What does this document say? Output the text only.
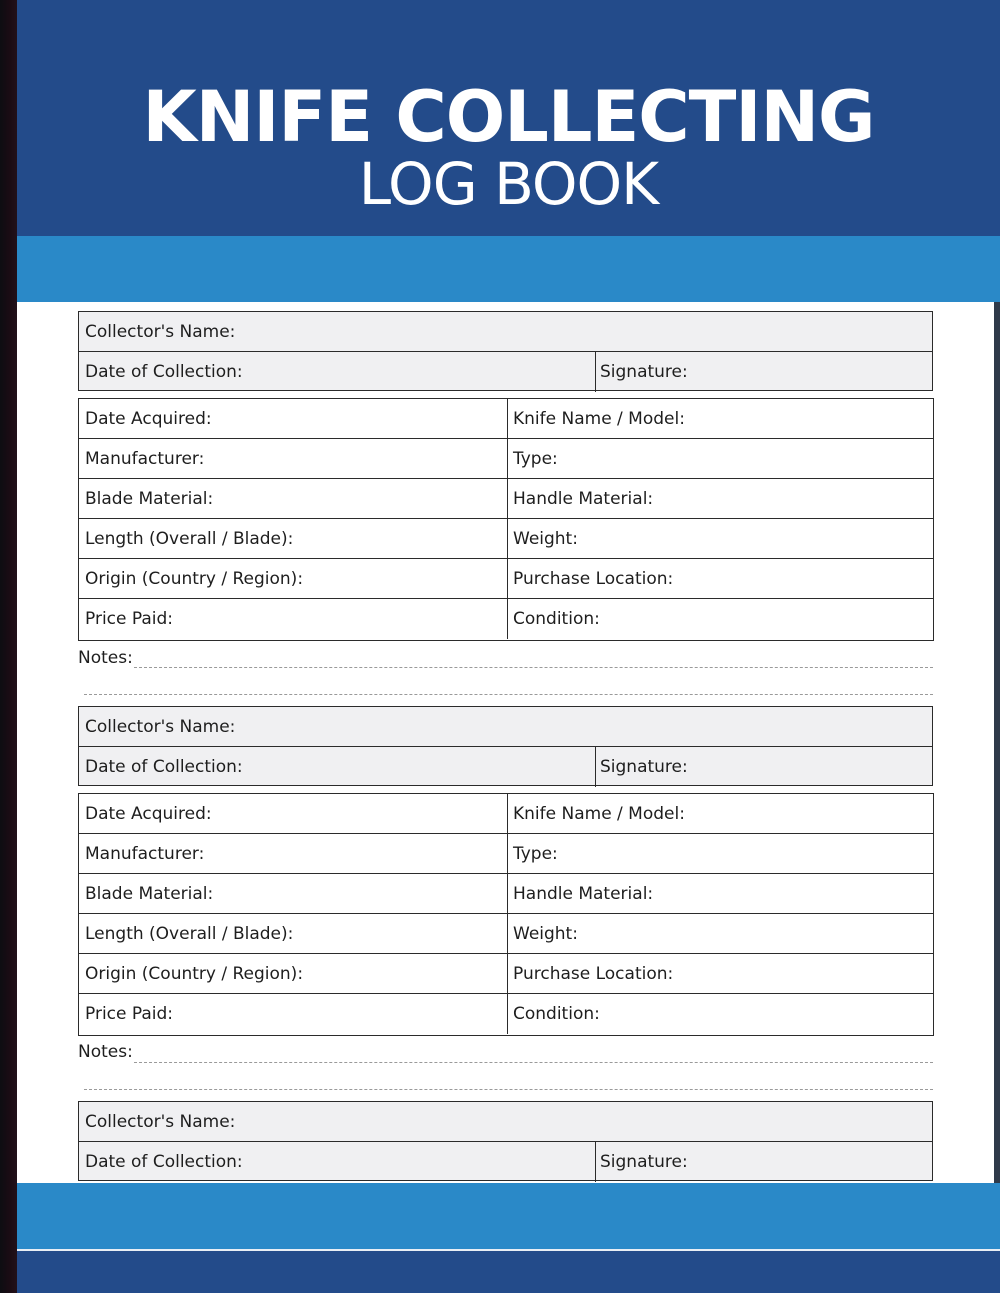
KNIFE COLLECTING
LOG BOOK
Collector's Name:
Date of Collection:	Signature:
Date Acquired:	Knife Name / Model:
Manufacturer:	Type:
Blade Material:	Handle Material:
Length (Overall / Blade):	Weight:
Origin (Country / Region):	Purchase Location:
Price Paid:	Condition:
Notes:
Collector's Name:
Date of Collection:	Signature:
Date Acquired:	Knife Name / Model:
Manufacturer:	Type:
Blade Material:	Handle Material:
Length (Overall / Blade):	Weight:
Origin (Country / Region):	Purchase Location:
Price Paid:	Condition:
Notes:
Collector's Name:
Date of Collection:	Signature:
